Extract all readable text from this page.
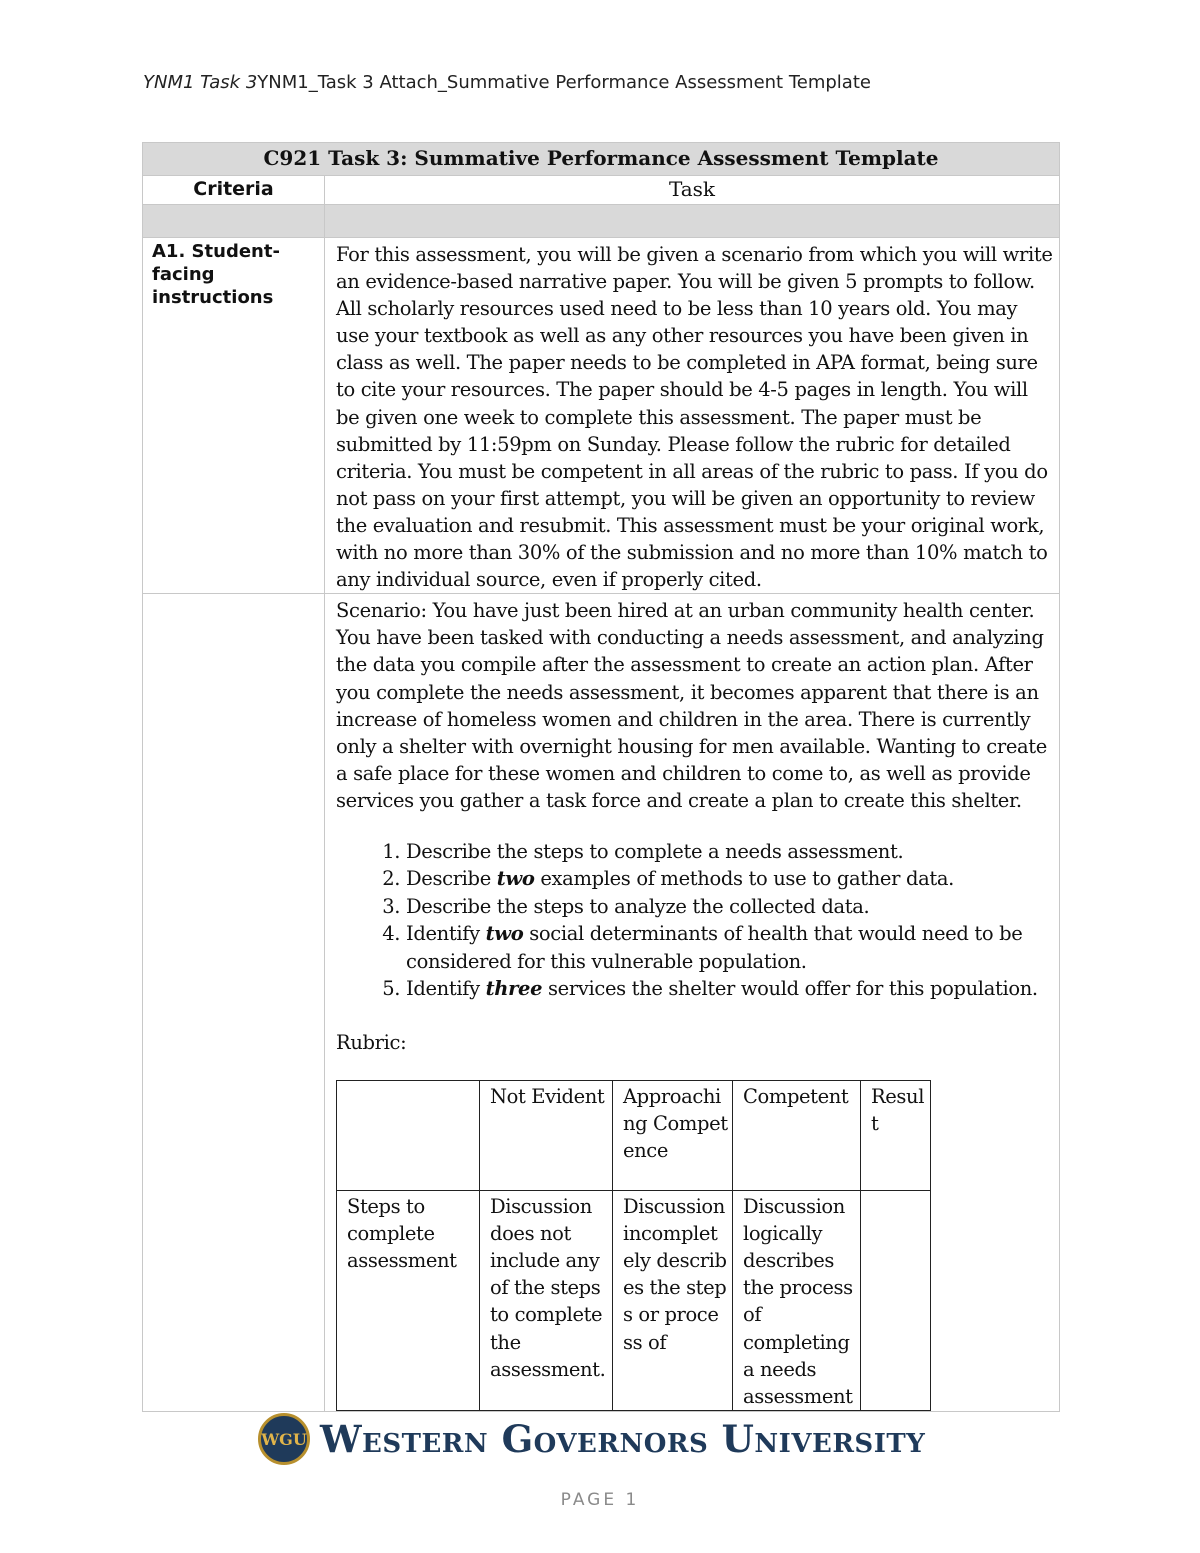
YNM1 Task 3YNM1_Task 3 Attach_Summative Performance Assessment Template
C921 Task 3: Summative Performance Assessment Template
Criteria	Task

A1. Student-facing instructions	

For this assessment, you will be given a scenario from which you will write an evidence-based narrative paper. You will be given 5 prompts to follow. All scholarly resources used need to be less than 10 years old. You may use your textbook as well as any other resources you have been given in class as well. The paper needs to be completed in APA format, being sure to cite your resources. The paper should be 4-5 pages in length. You will be given one week to complete this assessment. The paper must be submitted by 11:59pm on Sunday. Please follow the rubric for detailed criteria. You must be competent in all areas of the rubric to pass. If you do not pass on your first attempt, you will be given an opportunity to review the evaluation and resubmit. This assessment must be your original work, with no more than 30% of the submission and no more than 10% match to any individual source, even if properly cited.

Scenario: You have just been hired at an urban community health center. You have been tasked with conducting a needs assessment, and analyzing the data you compile after the assessment to create an action plan. After you complete the needs assessment, it becomes apparent that there is an increase of homeless women and children in the area. There is currently only a shelter with overnight housing for men available. Wanting to create a safe place for these women and children to come to, as well as provide services you gather a task force and create a plan to create this shelter.

1. Describe the steps to complete a needs assessment.
2. Describe two examples of methods to use to gather data.
3. Describe the steps to analyze the collected data.
4. Identify two social determinants of health that would need to be considered for this vulnerable population.
5. Identify three services the shelter would offer for this population.

Rubric:

	Not Evident	Approaching Competence	Competent	Result
Steps to complete assessment	Discussion does not include any of the steps to complete the assessment.	Discussion incompletely describes the steps or process of	Discussion logically describes the process of completing a needs assessment	
WGU Western Governors University
PAGE 1
